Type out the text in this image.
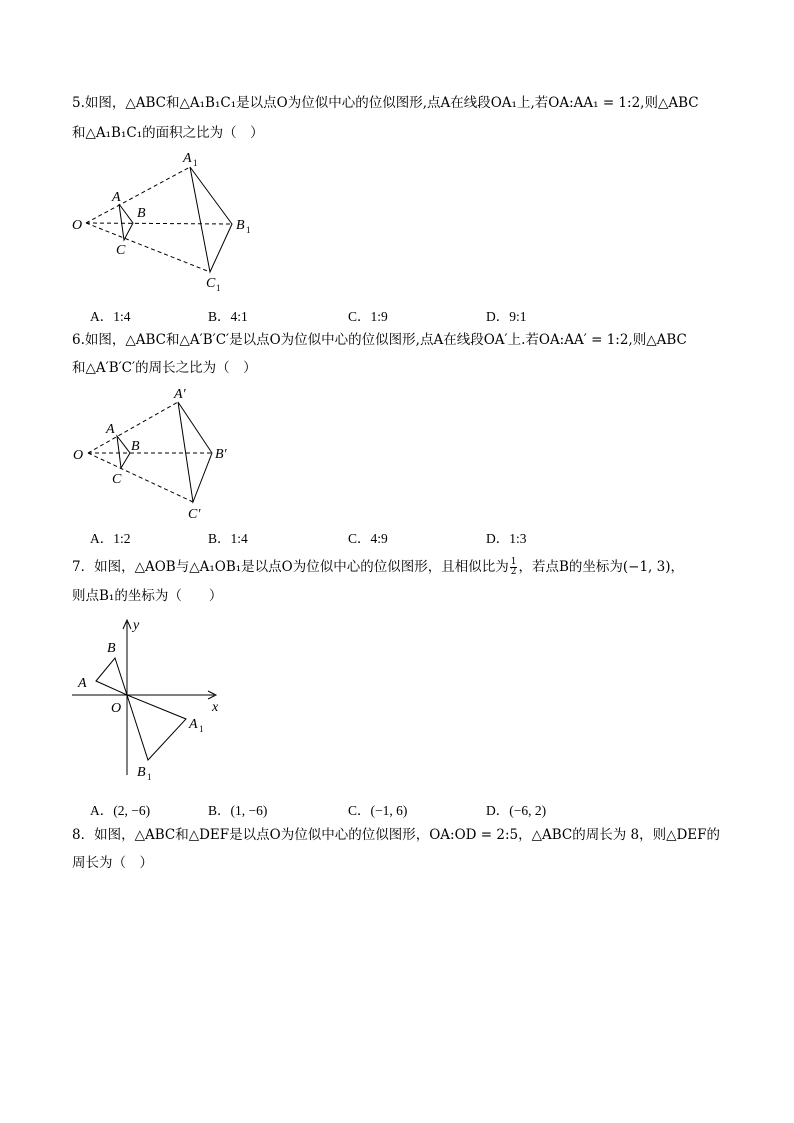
5.如图，△ABC和△A₁B₁C₁是以点O为位似中心的位似图形,点A在线段OA₁上,若OA:AA₁ = 1:2,则△ABC
和△A₁B₁C₁的面积之比为（　）
O
A
B
C
A 1
B 1
C 1
A．1:4	B．4:1	C．1:9	D．9:1
6.如图，△ABC和△A′B′C′是以点O为位似中心的位似图形,点A在线段OA′上.若OA:AA′ = 1:2,则△ABC
和△A′B′C′的周长之比为（　）
O
A
B
C
A′
B′
C′
A．1:2	B．1:4	C．4:9	D．1:3
7．如图，△AOB与△A₁OB₁是以点O为位似中心的位似图形，且相似比为 $\frac{1}{2}$ ，若点B的坐标为(−1, 3)，
则点B₁的坐标为（　　）
y
x
O
A
B
A 1
B 1
A．(2, −6)	B．(1, −6)	C．(−1, 6)	D．(−6, 2)
8．如图，△ABC和△DEF是以点O为位似中心的位似图形，OA:OD = 2:5，△ABC的周长为 8，则△DEF的
周长为（　）
